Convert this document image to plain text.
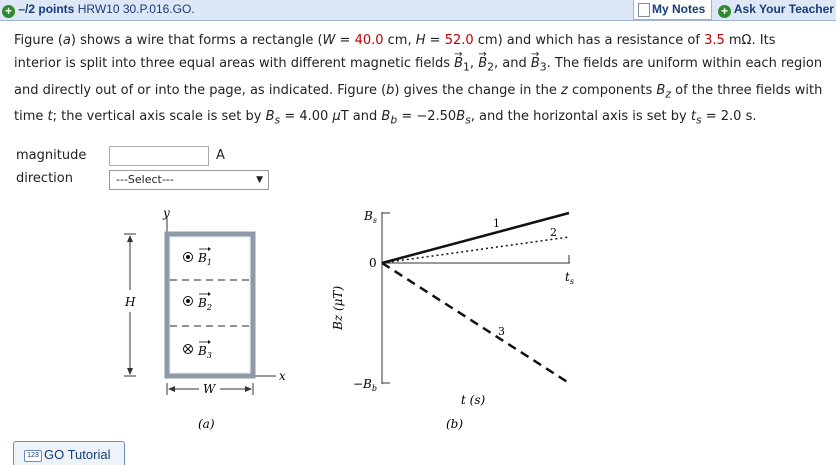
+ –/2 points HRW10 30.P.016.GO.	My Notes	+ Ask Your Teacher
Figure (a) shows a wire that forms a rectangle (W = 40.0 cm, H = 52.0 cm) and which has a resistance of 3.5 mΩ. Its interior is split into three equal areas with different magnetic fields → $B_1$, → $B_2$, and → $B_3$. The fields are uniform within each region and directly out of or into the page, as indicated. Figure (b) gives the change in the z components $B_z$ of the three fields with time t; the vertical axis scale is set by $B_s = 4.00$ μT and $B_b = -2.50B_s$, and the horizontal axis is set by $t_s = 2.0$ s.
magnitude	A
direction	---Select---	▼
y
x
$B_1$
$B_2$
$B_3$
H
W
(a)
$B_s$
0
$-B_b$
$t_s$
Bz (μT)
t (s)
1
2
3
(b)
123 GO Tutorial
